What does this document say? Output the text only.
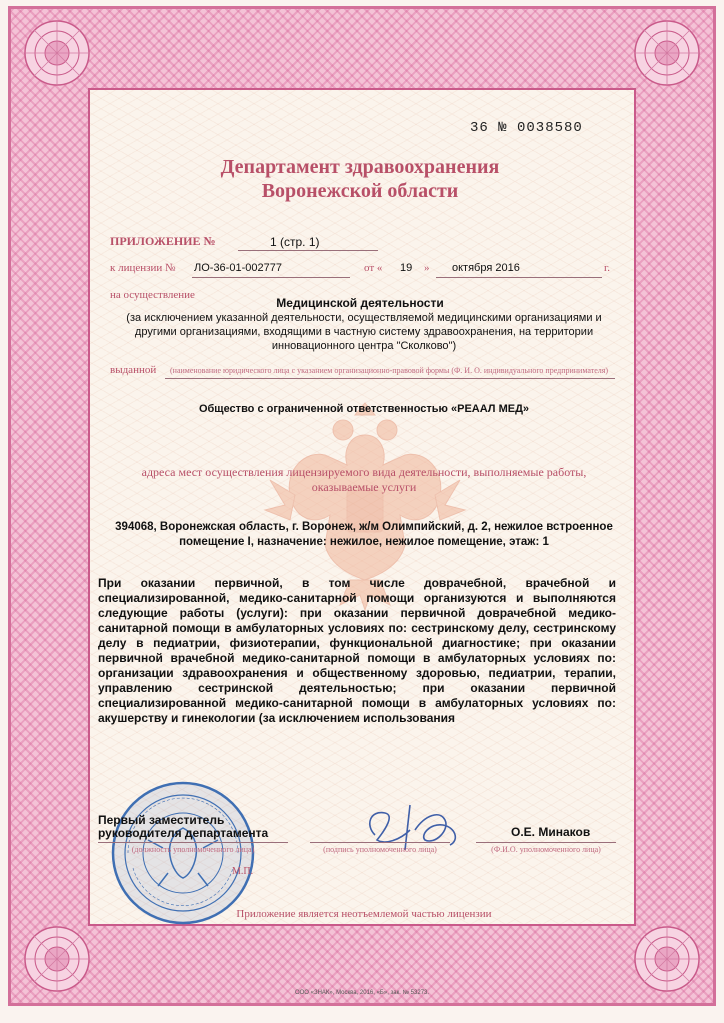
36 № 0038580
Департамент здравоохранения
Воронежской области
ПРИЛОЖЕНИЕ №	1 (стр. 1)
к лицензии № ЛО-36-01-002777	от « 19 » октября 2016	г.
на осуществление
Медицинской деятельности
(за исключением указанной деятельности, осуществляемой медицинскими организациями и другими организациями, входящими в частную систему здравоохранения, на территории инновационного центра "Сколково")
выданной (наименование юридического лица с указанием организационно-правовой формы (Ф. И. О. индивидуального предпринимателя)
Общество с ограниченной ответственностью «РЕААЛ МЕД»
адреса мест осуществления лицензируемого вида деятельности, выполняемые работы, оказываемые услуги
394068, Воронежская область, г. Воронеж, ж/м Олимпийский, д. 2, нежилое встроенное помещение I, назначение: нежилое, нежилое помещение, этаж: 1
При оказании первичной, в том числе доврачебной, врачебной и специализированной, медико-санитарной помощи организуются и выполняются следующие работы (услуги): при оказании первичной доврачебной медико-санитарной помощи в амбулаторных условиях по: сестринскому делу, сестринскому делу в педиатрии, физиотерапии, функциональной диагностике; при оказании первичной врачебной медико-санитарной помощи в амбулаторных условиях по: организации здравоохранения и общественному здоровью, педиатрии, терапии, управлению сестринской деятельностью; при оказании первичной специализированной медико-санитарной помощи в амбулаторных условиях по: акушерству и гинекологии (за исключением использования
Первый заместитель
руководителя департамента
(должность уполномоченного лица)	(подпись уполномоченного лица)
О.Е. Минаков
(Ф.И.О. уполномоченного лица)
М.П.
Приложение является неотъемлемой частью лицензии
ООО «ЗНАК», Москва, 2016, «Б», зак. № 53273.
